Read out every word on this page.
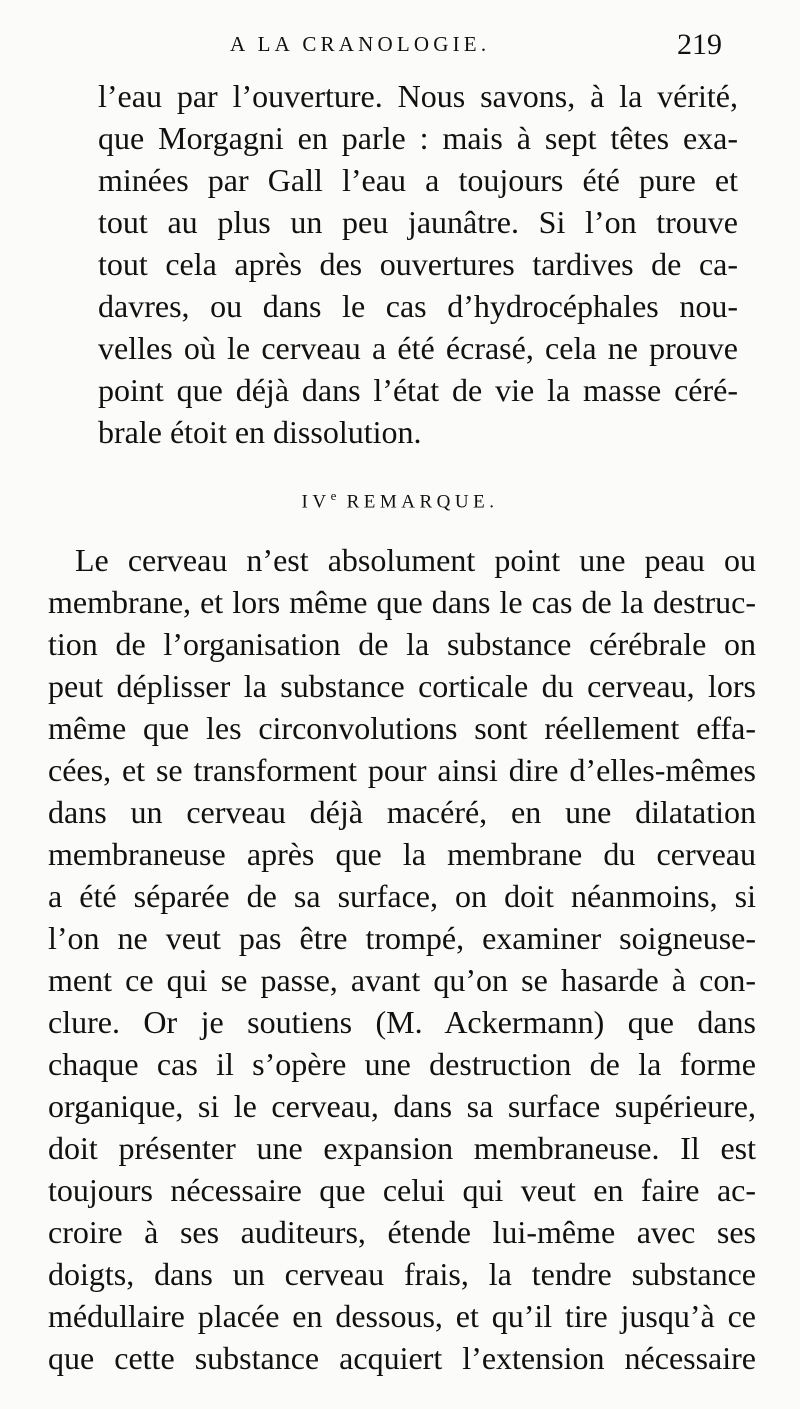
A LA CRANOLOGIE.	219
l’eau par l’ouverture. Nous savons, à la vérité,
que Morgagni en parle : mais à sept têtes exa-
minées par Gall l’eau a toujours été pure et
tout au plus un peu jaunâtre. Si l’on trouve
tout cela après des ouvertures tardives de ca-
davres, ou dans le cas d’hydrocéphales nou-
velles où le cerveau a été écrasé, cela ne prouve
point que déjà dans l’état de vie la masse céré-
brale étoit en dissolution.
IVe REMARQUE.
Le cerveau n’est absolument point une peau ou
membrane, et lors même que dans le cas de la destruc-
tion de l’organisation de la substance cérébrale on
peut déplisser la substance corticale du cerveau, lors
même que les circonvolutions sont réellement effa-
cées, et se transforment pour ainsi dire d’elles-mêmes
dans un cerveau déjà macéré, en une dilatation
membraneuse après que la membrane du cerveau
a été séparée de sa surface, on doit néanmoins, si
l’on ne veut pas être trompé, examiner soigneuse-
ment ce qui se passe, avant qu’on se hasarde à con-
clure. Or je soutiens (M. Ackermann) que dans
chaque cas il s’opère une destruction de la forme
organique, si le cerveau, dans sa surface supérieure,
doit présenter une expansion membraneuse. Il est
toujours nécessaire que celui qui veut en faire ac-
croire à ses auditeurs, étende lui-même avec ses
doigts, dans un cerveau frais, la tendre substance
médullaire placée en dessous, et qu’il tire jusqu’à ce
que cette substance acquiert l’extension nécessaire
